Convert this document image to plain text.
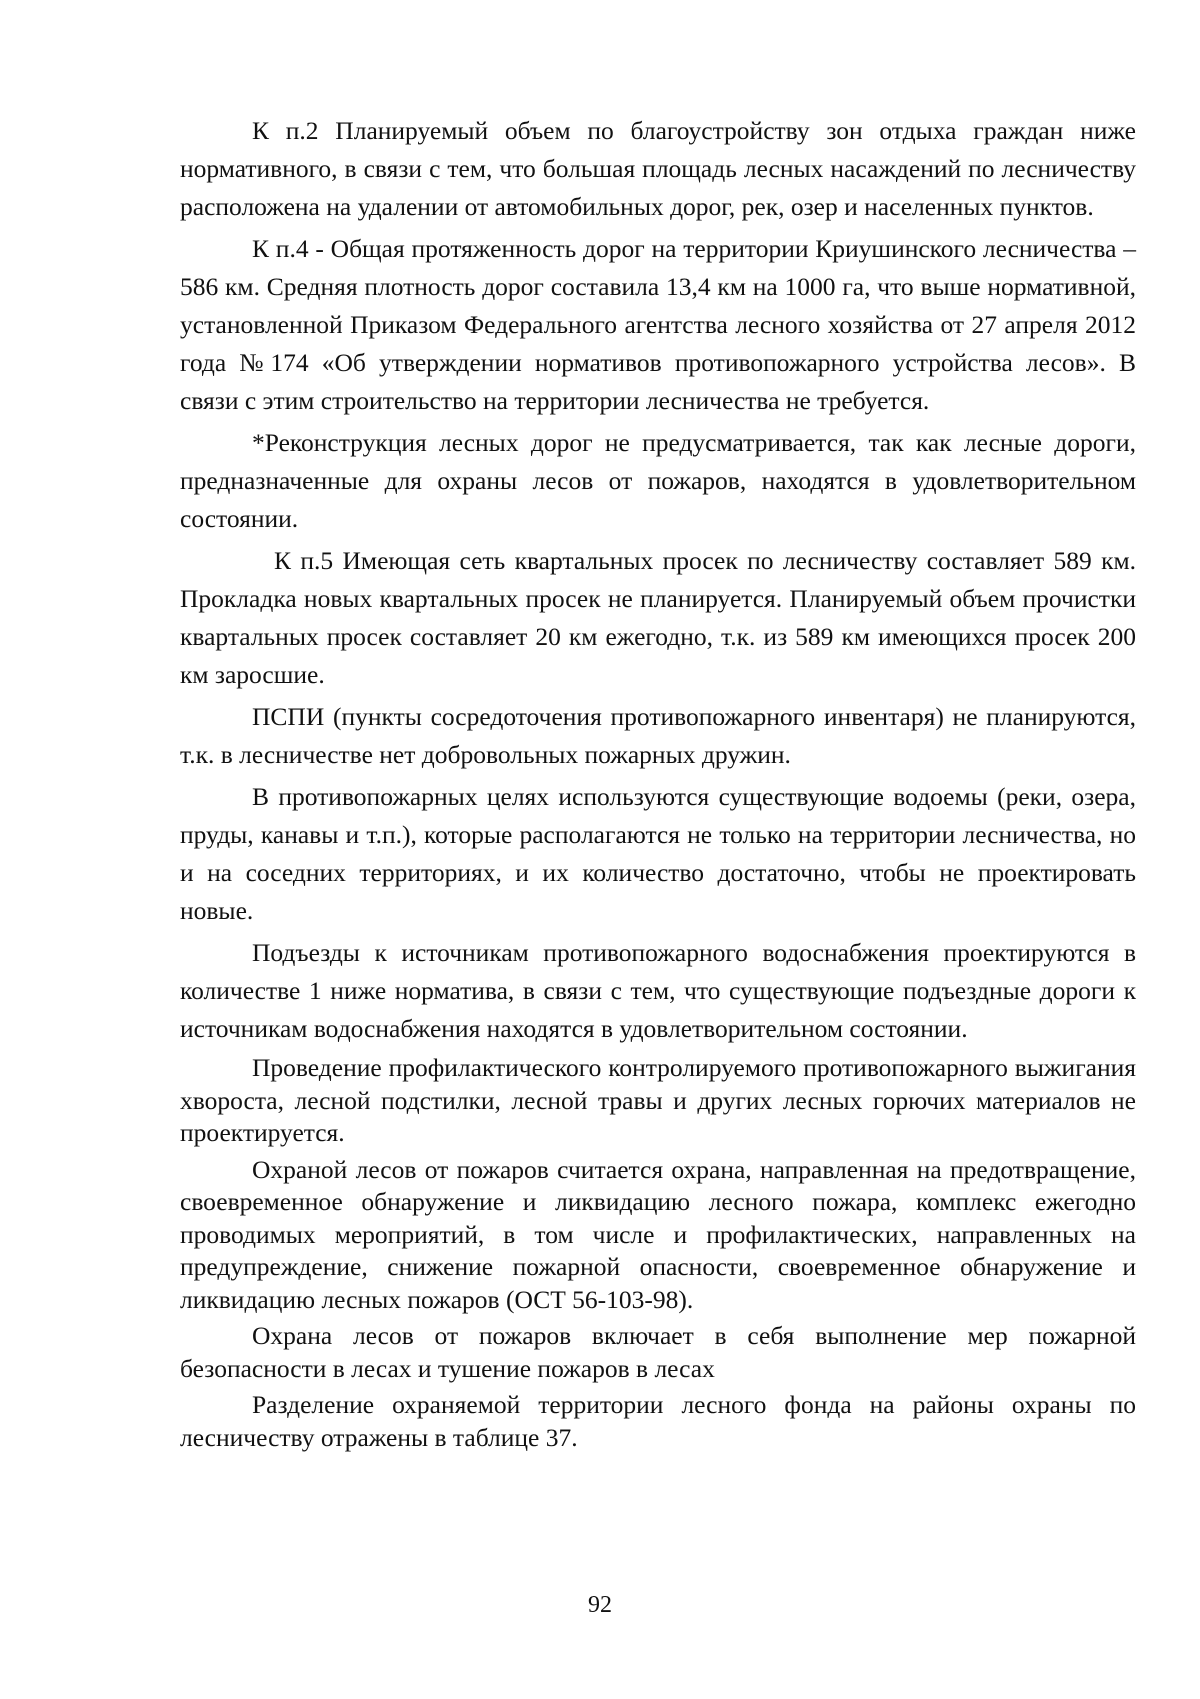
К п.2 Планируемый объем по благоустройству зон отдыха граждан ниже нормативного, в связи с тем, что большая площадь лесных насаждений по лесничеству расположена на удалении от автомобильных дорог, рек, озер и населенных пунктов.

К п.4 - Общая протяженность дорог на территории Криушинского лесничества – 586 км. Средняя плотность дорог составила 13,4 км на 1000 га, что выше нормативной, установленной Приказом Федерального агентства лесного хозяйства от 27 апреля 2012 года №174 «Об утверждении нормативов противопожарного устройства лесов». В связи с этим строительство на территории лесничества не требуется.

*Реконструкция лесных дорог не предусматривается, так как лесные дороги, предназначенные для охраны лесов от пожаров, находятся в удовлетворительном состоянии.

К п.5 Имеющая сеть квартальных просек по лесничеству составляет 589 км. Прокладка новых квартальных просек не планируется. Планируемый объем прочистки квартальных просек составляет 20 км ежегодно, т.к. из 589 км имеющихся просек 200 км заросшие.

ПСПИ (пункты сосредоточения противопожарного инвентаря) не планируются, т.к. в лесничестве нет добровольных пожарных дружин.

В противопожарных целях используются существующие водоемы (реки, озера, пруды, канавы и т.п.), которые располагаются не только на территории лесничества, но и на соседних территориях, и их количество достаточно, чтобы не проектировать новые.

Подъезды к источникам противопожарного водоснабжения проектируются в количестве 1 ниже норматива, в связи с тем, что существующие подъездные дороги к источникам водоснабжения находятся в удовлетворительном состоянии.

Проведение профилактического контролируемого противопожарного выжигания хвороста, лесной подстилки, лесной травы и других лесных горючих материалов не проектируется.

Охраной лесов от пожаров считается охрана, направленная на предотвращение, своевременное обнаружение и ликвидацию лесного пожара, комплекс ежегодно проводимых мероприятий, в том числе и профилактических, направленных на предупреждение, снижение пожарной опасности, своевременное обнаружение и ликвидацию лесных пожаров (ОСТ 56-103-98).

Охрана лесов от пожаров включает в себя выполнение мер пожарной безопасности в лесах и тушение пожаров в лесах

Разделение охраняемой территории лесного фонда на районы охраны по лесничеству отражены в таблице 37.

92
